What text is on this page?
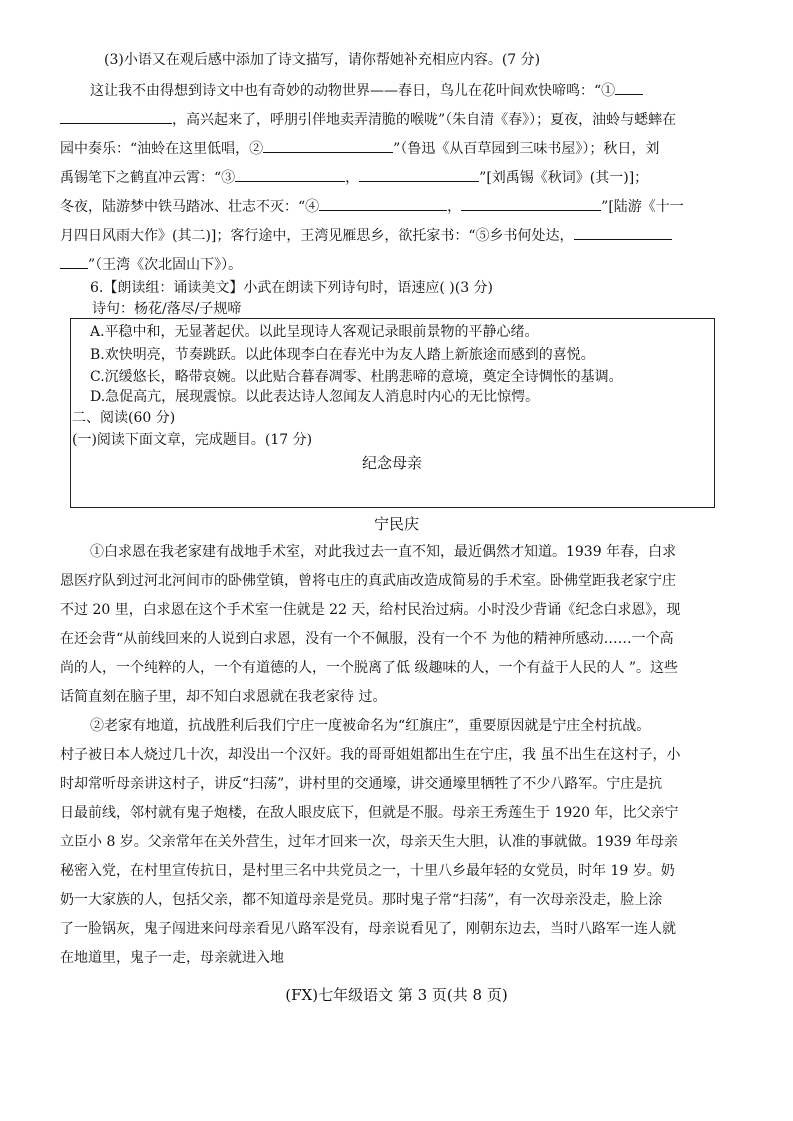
(3)小语又在观后感中添加了诗文描写，请你帮她补充相应内容。(7 分)
这让我不由得想到诗文中也有奇妙的动物世界——春日，鸟儿在花叶间欢快啼鸣：“①
，高兴起来了，呼朋引伴地卖弄清脆的喉咙”（朱自清《春》）；夏夜，油蛉与蟋蟀在
园中奏乐：“油蛉在这里低唱，②	”（鲁迅《从百草园到三味书屋》）；秋日，刘
禹锡笔下之鹤直冲云霄：“③	，	”[刘禹锡《秋词》(其一)]；
冬夜，陆游梦中铁马踏冰、壮志不灭：“④	，	”[陆游《十一
月四日风雨大作》(其二)]；客行途中，王湾见雁思乡，欲托家书：“⑤乡书何处达，
”（王湾《次北固山下》）。
6.【朗读组：诵读美文】小武在朗读下列诗句时，语速应( )(3 分)
诗句：杨花/落尽/子规啼
A.平稳中和，无显著起伏。以此呈现诗人客观记录眼前景物的平静心绪。
B.欢快明亮，节奏跳跃。以此体现李白在春光中为友人踏上新旅途而感到的喜悦。
C.沉缓悠长，略带哀婉。以此贴合暮春凋零、杜鹃悲啼的意境，奠定全诗惆怅的基调。
D.急促高亢，展现震惊。以此表达诗人忽闻友人消息时内心的无比惊愕。
二、阅读(60 分)
(一)阅读下面文章，完成题目。(17 分)
纪念母亲
宁民庆
①白求恩在我老家建有战地手术室，对此我过去一直不知，最近偶然才知道。1939 年春，白求
恩医疗队到过河北河间市的卧佛堂镇，曾将屯庄的真武庙改造成简易的手术室。卧佛堂距我老家宁庄
不过 20 里，白求恩在这个手术室一住就是 22 天，给村民治过病。小时没少背诵《纪念白求恩》，现
在还会背“从前线回来的人说到白求恩，没有一个不佩服，没有一个不 为他的精神所感动……一个高
尚的人，一个纯粹的人，一个有道德的人，一个脱离了低 级趣味的人，一个有益于人民的人 ”。这些
话简直刻在脑子里，却不知白求恩就在我老家待 过。
②老家有地道，抗战胜利后我们宁庄一度被命名为“红旗庄”，重要原因就是宁庄全村抗战。
村子被日本人烧过几十次，却没出一个汉奸。我的哥哥姐姐都出生在宁庄，我 虽不出生在这村子，小
时却常听母亲讲这村子，讲反“扫荡”，讲村里的交通壕，讲交通壕里牺牲了不少八路军。宁庄是抗
日最前线，邻村就有鬼子炮楼，在敌人眼皮底下，但就是不服。母亲王秀莲生于 1920 年，比父亲宁
立臣小 8 岁。父亲常年在关外营生，过年才回来一次，母亲天生大胆，认准的事就做。1939 年母亲
秘密入党，在村里宣传抗日，是村里三名中共党员之一，十里八乡最年轻的女党员，时年 19 岁。奶
奶一大家族的人，包括父亲，都不知道母亲是党员。那时鬼子常“扫荡”，有一次母亲没走，脸上涂
了一脸锅灰，鬼子闯进来问母亲看见八路军没有，母亲说看见了，刚朝东边去，当时八路军一连人就
在地道里，鬼子一走，母亲就进入地
(FX)七年级语文 第 3 页(共 8 页)
